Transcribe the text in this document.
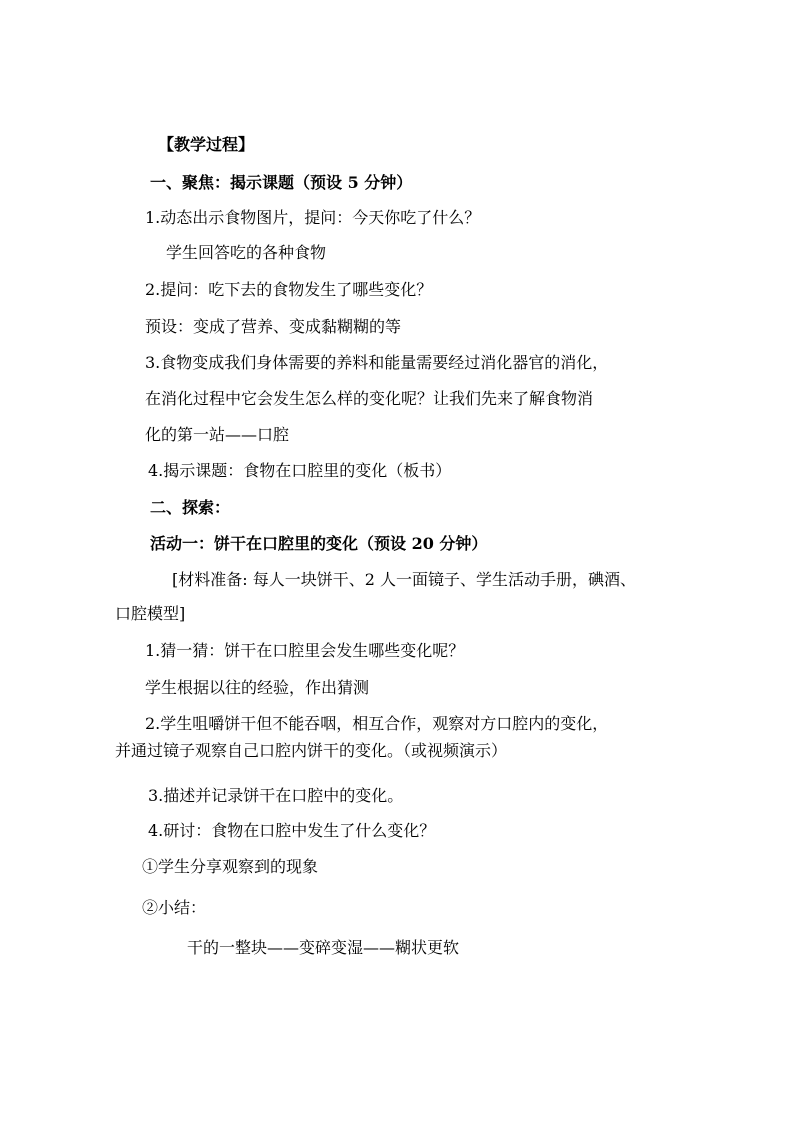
【教学过程】
一、聚焦：揭示课题（预设 5 分钟）
1.动态出示食物图片，提问：今天你吃了什么？
学生回答吃的各种食物
2.提问：吃下去的食物发生了哪些变化？
预设：变成了营养、变成黏糊糊的等
3.食物变成我们身体需要的养料和能量需要经过消化器官的消化，
在消化过程中它会发生怎么样的变化呢？让我们先来了解食物消
化的第一站——口腔
4.揭示课题：食物在口腔里的变化（板书）
二、探索：
活动一：饼干在口腔里的变化（预设 20 分钟）
[材料准备: 每人一块饼干、2 人一面镜子、学生活动手册，碘酒、
口腔模型]
1.猜一猜：饼干在口腔里会发生哪些变化呢？
学生根据以往的经验，作出猜测
2.学生咀嚼饼干但不能吞咽，相互合作，观察对方口腔内的变化，
并通过镜子观察自己口腔内饼干的变化。（或视频演示）
3.描述并记录饼干在口腔中的变化。
4.研讨：食物在口腔中发生了什么变化？
①学生分享观察到的现象
②小结：
干的一整块——变碎变湿——糊状更软
